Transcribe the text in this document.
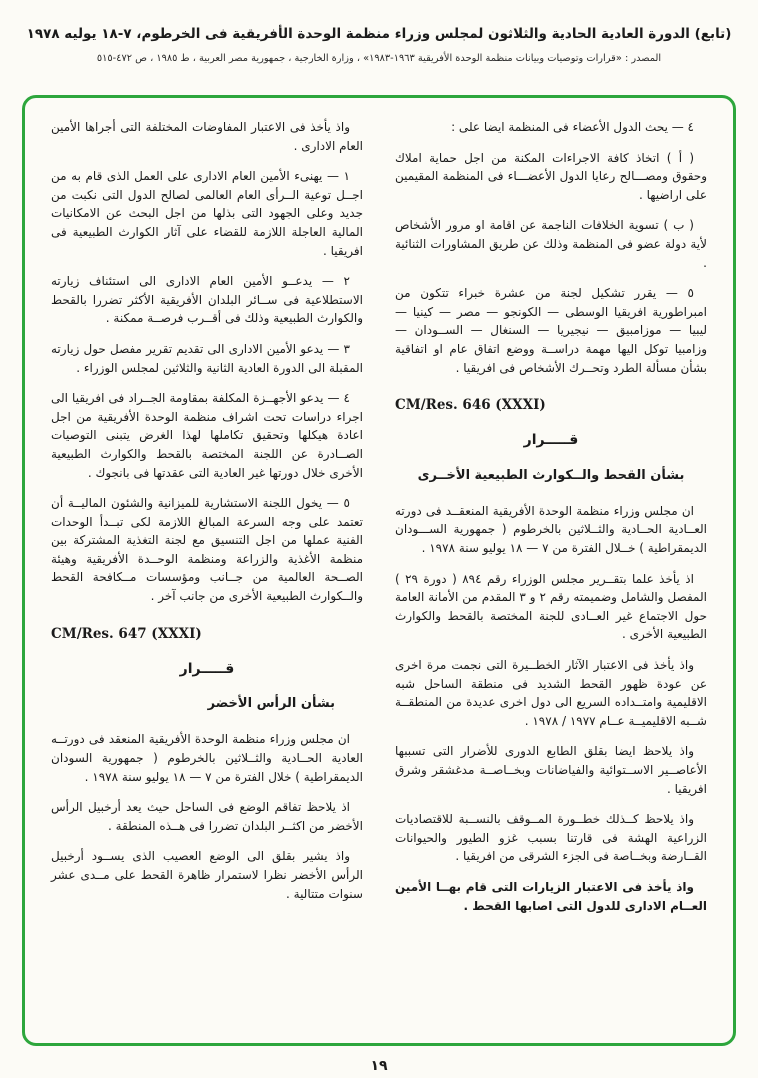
(تابع) الدورة العادية الحادية والثلاثون لمجلس وزراء منظمة الوحدة الأفريقية فى الخرطوم، ٧-١٨ يوليه ١٩٧٨
المصدر : «قرارات وتوصيات وبيانات منظمة الوحدة الأفريقية ١٩٦٣-١٩٨٣» ، وزارة الخارجية ، جمهورية مصر العربية ، ط ١٩٨٥ ، ص ٤٧٢-٥١٥

٤ — يحث الدول الأعضاء فى المنظمة ايضا على :

( أ ) اتخاذ كافة الاجراءات المكنة من اجل حماية املاك وحقوق ومصـــالح رعايا الدول الأعضـــاء فى المنظمة المقيمين على اراضيها .

( ب ) تسوية الخلافات الناجمة عن اقامة او مرور الأشخاص لأية دولة عضو فى المنظمة وذلك عن طريق المشاورات الثنائية .

٥ — يقرر تشكيل لجنة من عشرة خبراء تتكون من امبراطورية افريقيا الوسطى — الكونجو — مصر — كينيا — ليبيا — موزامبيق — نيجيريا — السنغال — الســودان — وزامبيا توكل اليها مهمة دراســة ووضع اتفاق عام او اتفاقية بشأن مسألة الطرد وتحــرك الأشخاص فى افريقيا .

CM/Res. 646 (XXXI)
قـــــرار
بشأن القحط والــكوارث الطبيعية الأخــرى

ان مجلس وزراء منظمة الوحدة الأفريقية المنعقــد فى دورته العــادية الحــادية والثــلاثين بالخرطوم ( جمهورية الســـودان الديمقراطية ) خــلال الفترة من ٧ — ١٨ يوليو سنة ١٩٧٨ .

اذ يأخذ علما بتقــرير مجلس الوزراء رقم ٨٩٤ ( دورة ٢٩ ) المفصل والشامل وضميمته رقم ٢ و ٣ المقدم من الأمانة العامة حول الاجتماع غير العــادى للجنة المختصة بالقحط والكوارث الطبيعية الأخرى .

واذ يأخذ فى الاعتبار الآثار الخطــيرة التى نجمت مرة اخرى عن عودة ظهور القحط الشديد فى منطقة الساحل شبه الاقليمية وامتــداده السريع الى دول اخرى عديدة من المنطقــة شــبه الاقليميــة عــام ١٩٧٧ / ١٩٧٨ .

واذ يلاحظ ايضا بقلق الطابع الدورى للأضرار التى تسببها الأعاصــير الاســتوائية والفياضانات وبخــاصــة مدغشقر وشرق افريقيا .

واذ يلاحظ كــذلك خطــورة المــوقف بالنســبة للاقتصاديات الزراعية الهشة فى قارتنا بسبب غزو الطيور والحيوانات القــارضة وبخــاصة فى الجزء الشرقى من افريقيا .

واذ يأخذ فى الاعتبار الزيارات التى قام بهــا الأمين العــام الادارى للدول التى اصابها القحط .

واذ يأخذ فى الاعتبار المفاوضات المختلفة التى أجراها الأمين العام الادارى .

١ — يهنىء الأمين العام الادارى على العمل الذى قام به من اجــل توعية الــرأى العام العالمى لصالح الدول التى نكبت من جديد وعلى الجهود التى بذلها من اجل البحث عن الامكانيات المالية العاجلة اللازمة للقضاء على آثار الكوارث الطبيعية فى افريقيا .

٢ — يدعــو الأمين العام الادارى الى استئناف زيارته الاستطلاعية فى ســائر البلدان الأفريقية الأكثر تضررا بالقحط والكوارث الطبيعية وذلك فى أقــرب فرصــة ممكنة .

٣ — يدعو الأمين الادارى الى تقديم تقرير مفصل حول زيارته المقبلة الى الدورة العادية الثانية والثلاثين لمجلس الوزراء .

٤ — يدعو الأجهــزة المكلفة بمقاومة الجــراد فى افريقيا الى اجراء دراسات تحت اشراف منظمة الوحدة الأفريقية من اجل اعادة هيكلها وتحقيق تكاملها لهذا الغرض يتبنى التوصيات الصــادرة عن اللجنة المختصة بالقحط والكوارث الطبيعية الأخرى خلال دورتها غير العادية التى عقدتها فى بانجوك .

٥ — يخول اللجنة الاستشارية للميزانية والشئون الماليــة أن تعتمد على وجه السرعة المبالغ اللازمة لكى تبــدأ الوحدات الفنية عملها من اجل التنسيق مع لجنة التغذية المشتركة بين منظمة الأغذية والزراعة ومنظمة الوحــدة الأفريقية وهيئة الصــحة العالمية من جــانب ومؤسسات مــكافحة القحط والــكوارث الطبيعية الأخرى من جانب آخر .

CM/Res. 647 (XXXI)
قـــــرار
بشأن الرأس الأخضر

ان مجلس وزراء منظمة الوحدة الأفريقية المنعقد فى دورتــه العادية الحــادية والثــلاثين بالخرطوم ( جمهورية السودان الديمقراطية ) خلال الفترة من ٧ — ١٨ يوليو سنة ١٩٧٨ .

اذ يلاحظ تفاقم الوضع فى الساحل حيث يعد أرخبيل الرأس الأخضر من اكثــر البلدان تضررا فى هــذه المنطقة .

واذ يشير بقلق الى الوضع العصيب الذى يســود أرخبيل الرأس الأخضر نظرا لاستمرار ظاهرة القحط على مــدى عشر سنوات متتالية .

١٩
